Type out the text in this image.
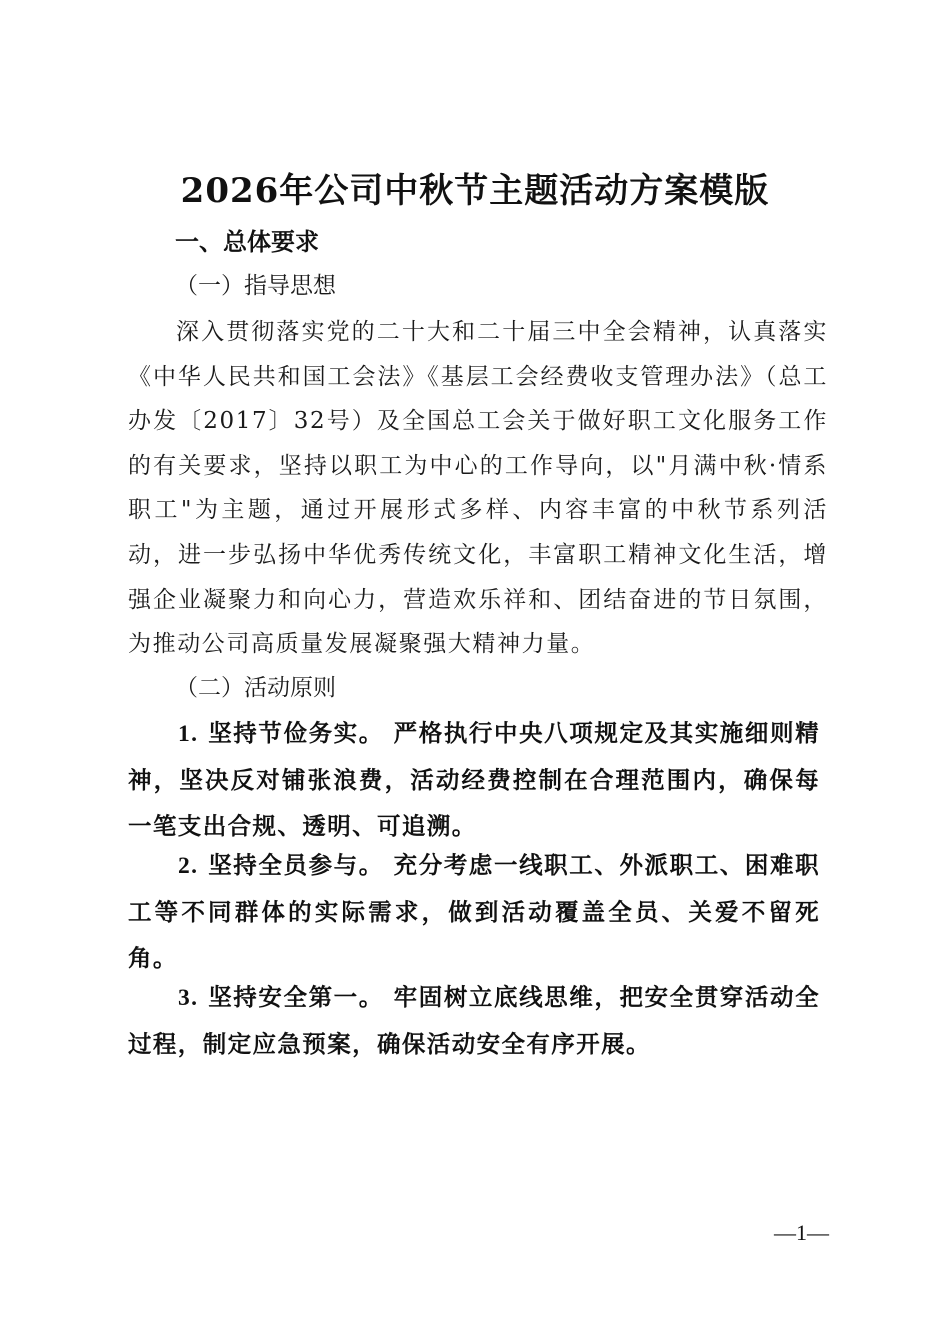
2026年公司中秋节主题活动方案模版

一、总体要求

（一）指导思想

深入贯彻落实党的二十大和二十届三中全会精神，认真落实《中华人民共和国工会法》《基层工会经费收支管理办法》（总工办发〔2017〕32号）及全国总工会关于做好职工文化服务工作的有关要求，坚持以职工为中心的工作导向，以"月满中秋·情系职工"为主题，通过开展形式多样、内容丰富的中秋节系列活动，进一步弘扬中华优秀传统文化，丰富职工精神文化生活，增强企业凝聚力和向心力，营造欢乐祥和、团结奋进的节日氛围，为推动公司高质量发展凝聚强大精神力量。

（二）活动原则

1. 坚持节俭务实。 严格执行中央八项规定及其实施细则精神，坚决反对铺张浪费，活动经费控制在合理范围内，确保每一笔支出合规、透明、可追溯。

2. 坚持全员参与。 充分考虑一线职工、外派职工、困难职工等不同群体的实际需求，做到活动覆盖全员、关爱不留死角。

3. 坚持安全第一。 牢固树立底线思维，把安全贯穿活动全过程，制定应急预案，确保活动安全有序开展。

—1—
